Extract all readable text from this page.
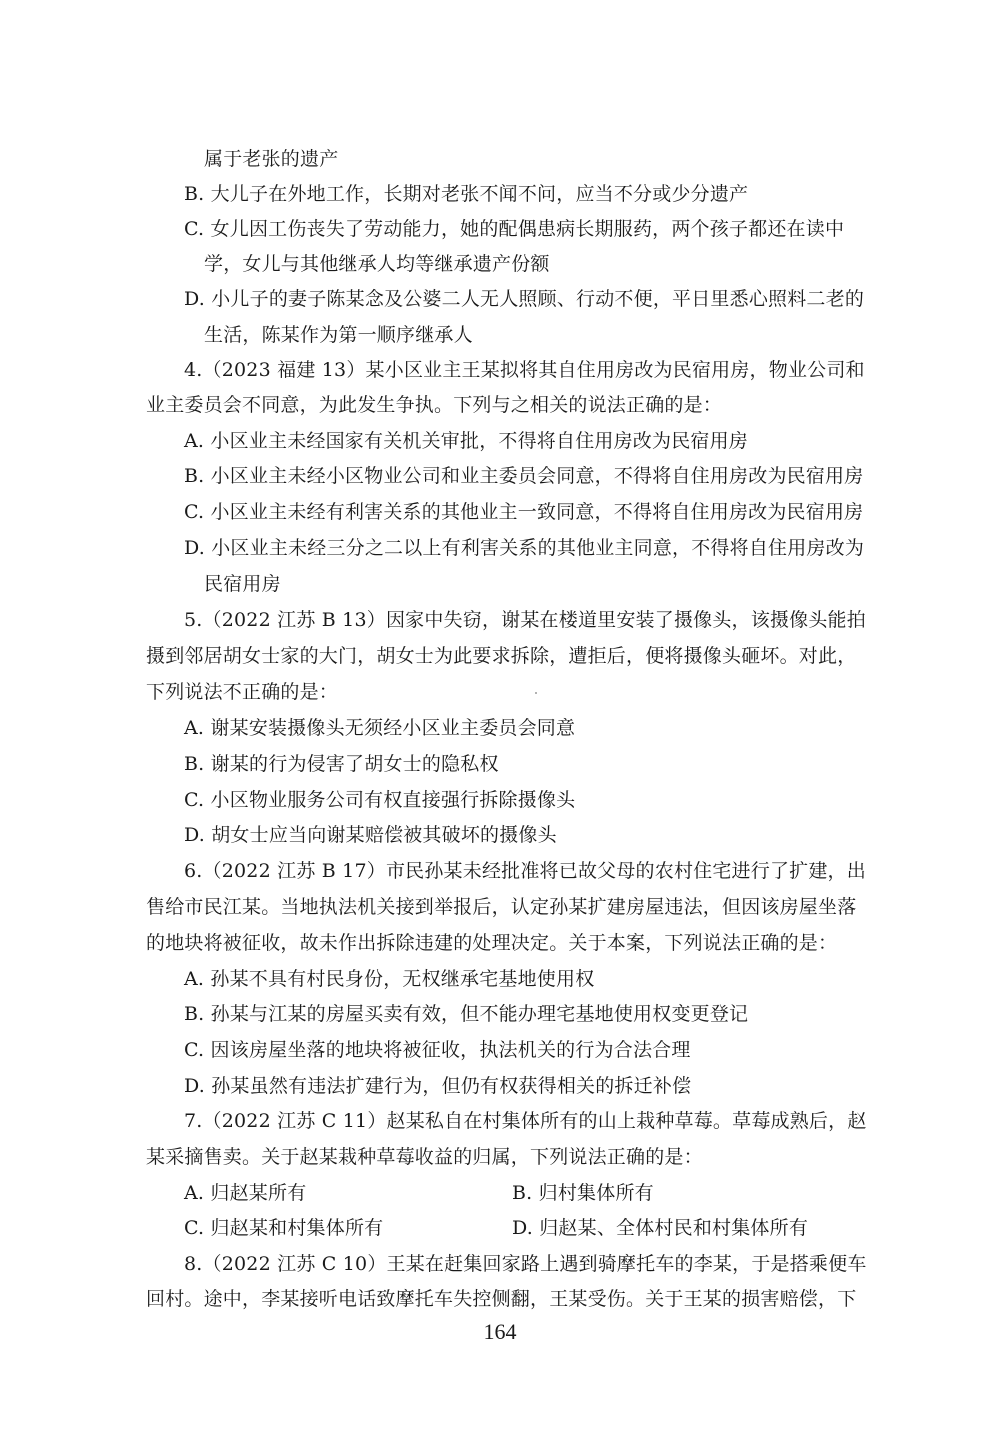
属于老张的遗产
B. 大儿子在外地工作，长期对老张不闻不问，应当不分或少分遗产
C. 女儿因工伤丧失了劳动能力，她的配偶患病长期服药，两个孩子都还在读中
学，女儿与其他继承人均等继承遗产份额
D. 小儿子的妻子陈某念及公婆二人无人照顾、行动不便，平日里悉心照料二老的
生活，陈某作为第一顺序继承人
4.（2023 福建 13）某小区业主王某拟将其自住用房改为民宿用房，物业公司和
业主委员会不同意，为此发生争执。下列与之相关的说法正确的是：
A. 小区业主未经国家有关机关审批，不得将自住用房改为民宿用房
B. 小区业主未经小区物业公司和业主委员会同意，不得将自住用房改为民宿用房
C. 小区业主未经有利害关系的其他业主一致同意，不得将自住用房改为民宿用房
D. 小区业主未经三分之二以上有利害关系的其他业主同意，不得将自住用房改为
民宿用房
5.（2022 江苏 B 13）因家中失窃，谢某在楼道里安装了摄像头，该摄像头能拍
摄到邻居胡女士家的大门，胡女士为此要求拆除，遭拒后，便将摄像头砸坏。对此，
下列说法不正确的是：
A. 谢某安装摄像头无须经小区业主委员会同意
B. 谢某的行为侵害了胡女士的隐私权
C. 小区物业服务公司有权直接强行拆除摄像头
D. 胡女士应当向谢某赔偿被其破坏的摄像头
6.（2022 江苏 B 17）市民孙某未经批准将已故父母的农村住宅进行了扩建，出
售给市民江某。当地执法机关接到举报后，认定孙某扩建房屋违法，但因该房屋坐落
的地块将被征收，故未作出拆除违建的处理决定。关于本案，下列说法正确的是：
A. 孙某不具有村民身份，无权继承宅基地使用权
B. 孙某与江某的房屋买卖有效，但不能办理宅基地使用权变更登记
C. 因该房屋坐落的地块将被征收，执法机关的行为合法合理
D. 孙某虽然有违法扩建行为，但仍有权获得相关的拆迁补偿
7.（2022 江苏 C 11）赵某私自在村集体所有的山上栽种草莓。草莓成熟后，赵
某采摘售卖。关于赵某栽种草莓收益的归属，下列说法正确的是：
A. 归赵某所有	B. 归村集体所有
C. 归赵某和村集体所有	D. 归赵某、全体村民和村集体所有
8.（2022 江苏 C 10）王某在赶集回家路上遇到骑摩托车的李某，于是搭乘便车
回村。途中，李某接听电话致摩托车失控侧翻，王某受伤。关于王某的损害赔偿，下
164
